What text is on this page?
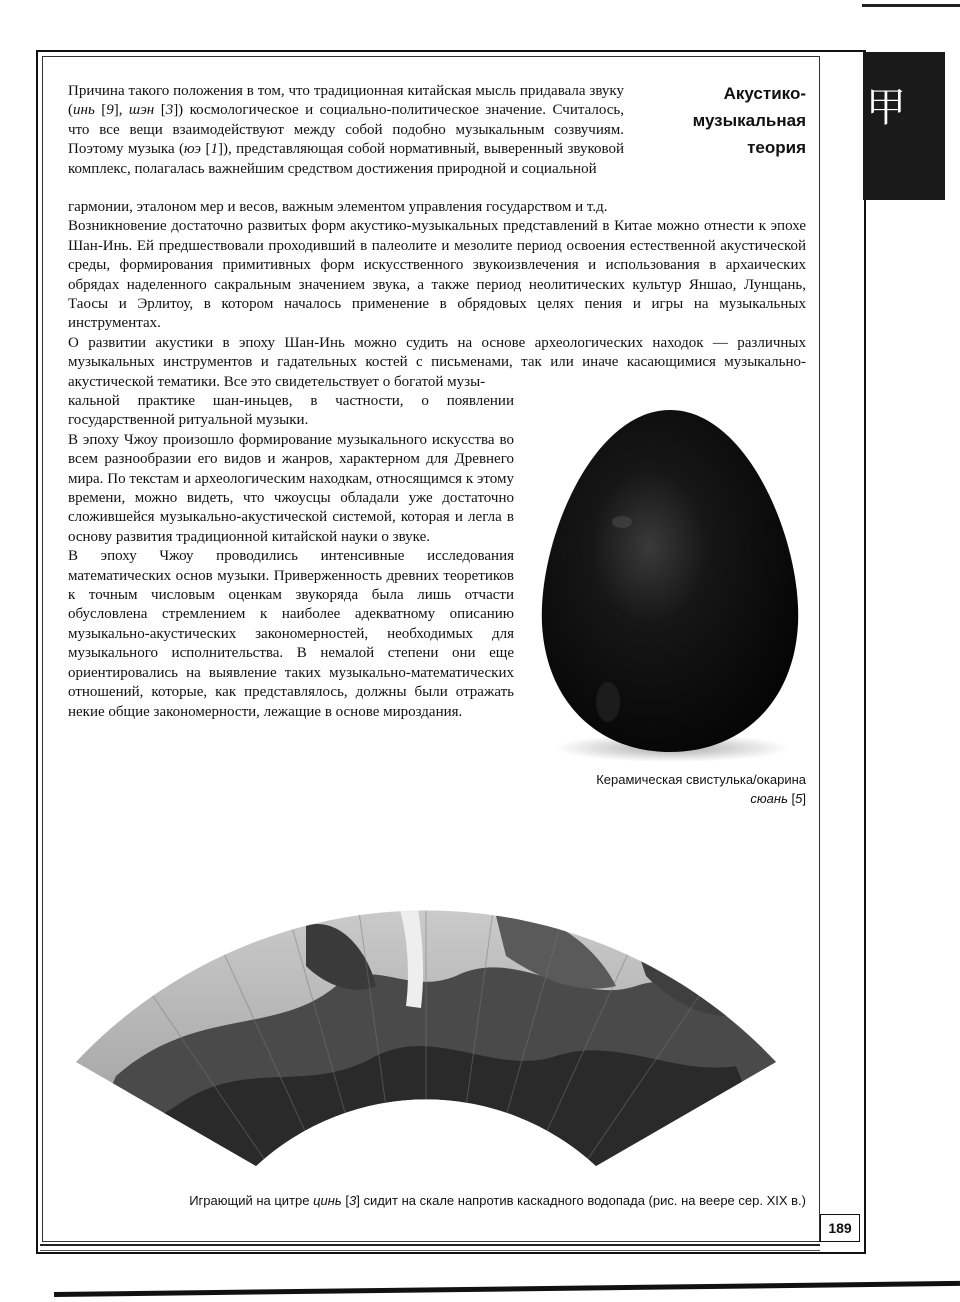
甲
Акустико-
музыкальная
теория

Причина такого положения в том, что традиционная китайская мысль придавала звуку (инь [9], шэн [3]) космологическое и социально-политическое значение. Считалось, что все вещи взаимодействуют между собой подобно музыкальным созвучиям. Поэтому музыка (юэ [1]), представляющая собой нормативный, выверенный звуковой комплекс, полагалась важнейшим средством достижения природной и социальной

гармонии, эталоном мер и весов, важным элементом управления государством и т.д.

Возникновение достаточно развитых форм акустико-музыкальных представлений в Китае можно отнести к эпохе Шан-Инь. Ей предшествовали проходивший в палеолите и мезолите период освоения естественной акустической среды, формирования примитивных форм искусственного звукоизвлечения и использования в архаических обрядах наделенного сакральным значением звука, а также период неолитических культур Яншао, Лунщань, Таосы и Эрлитоу, в котором началось применение в обрядовых целях пения и игры на музыкальных инструментах.

О развитии акустики в эпоху Шан-Инь можно судить на основе археологических находок — различных музыкальных инструментов и гадательных костей с письменами, так или иначе касающимися музыкально-акустической тематики. Все это свидетельствует о богатой музы-

кальной практике шан-иньцев, в частности, о появлении государственной ритуальной музыки.

В эпоху Чжоу произошло формирование музыкального искусства во всем разнообразии его видов и жанров, характерном для Древнего мира. По текстам и археологическим находкам, относящимся к этому времени, можно видеть, что чжоусцы обладали уже достаточно сложившейся музыкально-акустической системой, которая и легла в основу развития традиционной китайской науки о звуке.

В эпоху Чжоу проводились интенсивные исследования математических основ музыки. Приверженность древних теоретиков к точным числовым оценкам звукоряда была лишь отчасти обусловлена стремлением к наиболее адекватному описанию музыкально-акустических закономерностей, необходимых для музыкального исполнительства. В немалой степени они еще ориентировались на выявление таких музыкально-математических отношений, которые, как представлялось, должны были отражать некие общие закономерности, лежащие в основе мироздания.

Керамическая свистулька/окарина
сюань [5]
Играющий на цитре цинь [3] сидит на скале напротив каскадного водопада (рис. на веере сер. XIX в.)
189
